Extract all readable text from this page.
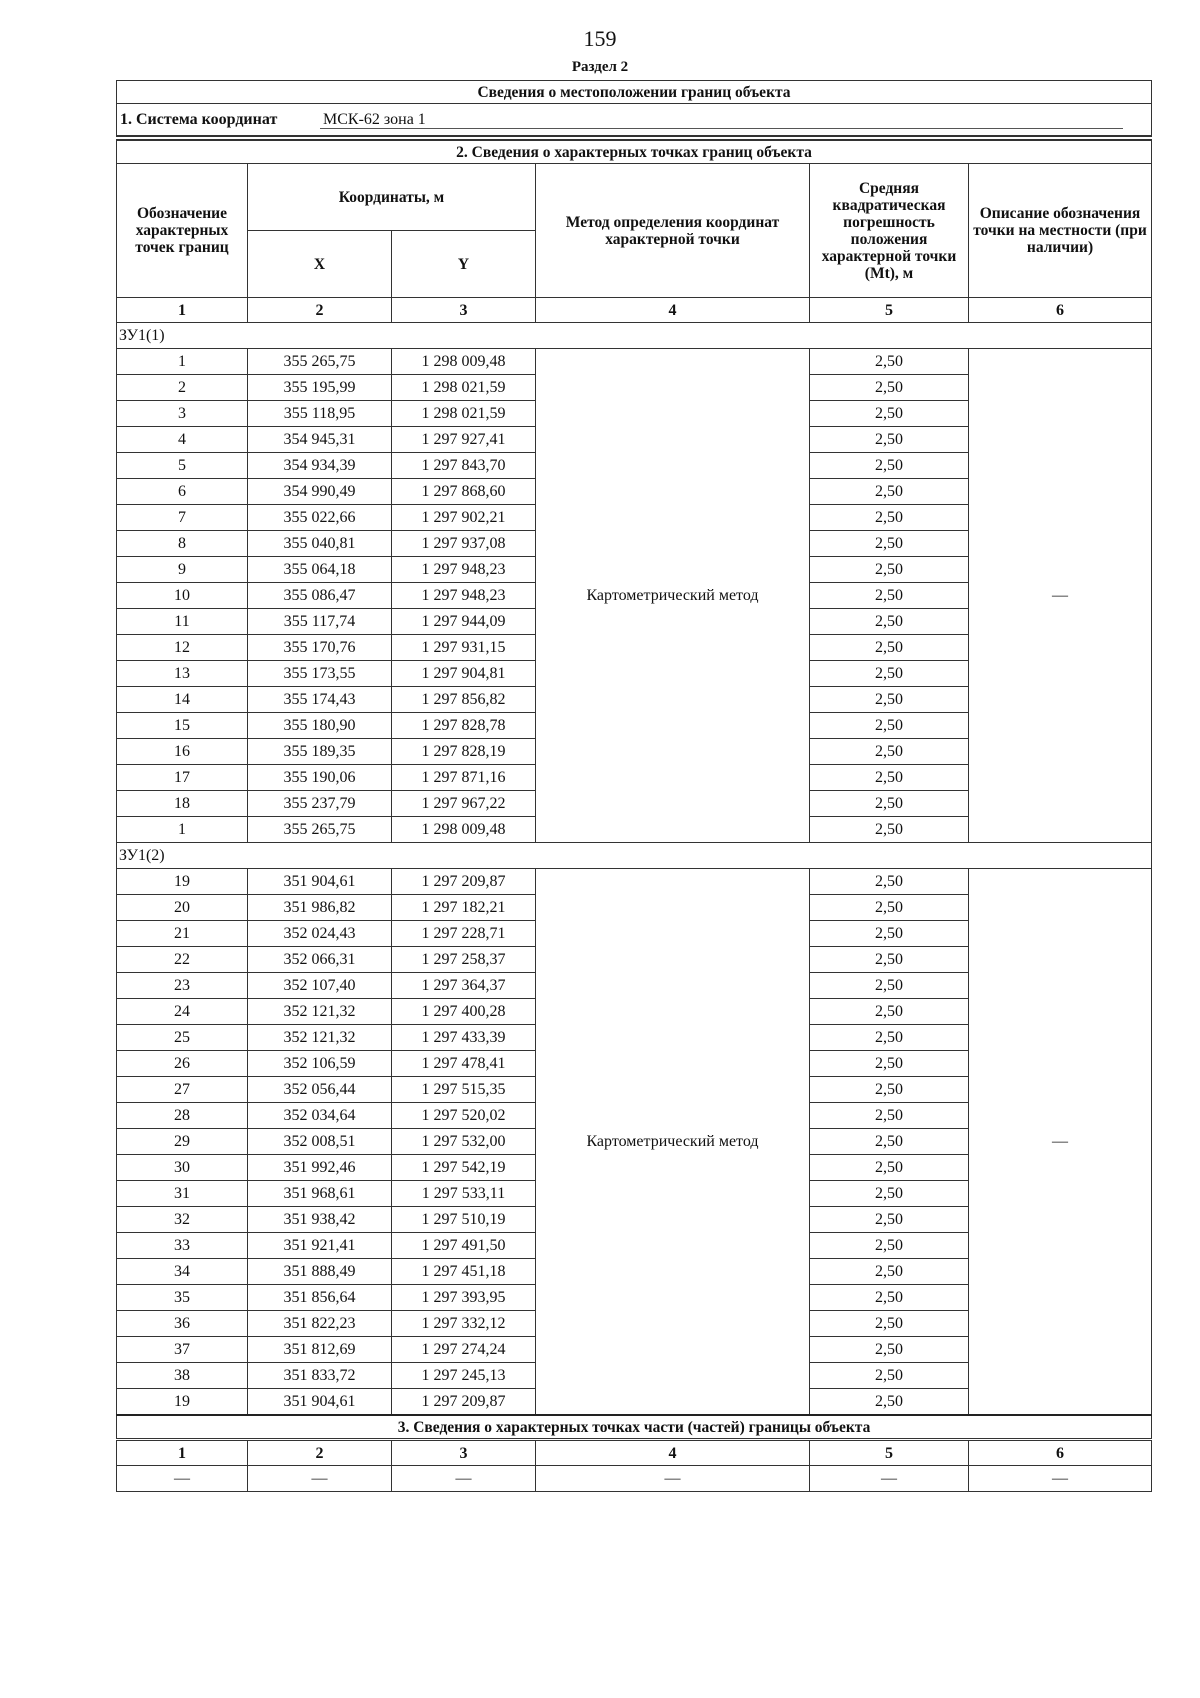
159
Раздел 2
Сведения о местоположении границ объекта					
1. Система координат МСК-62 зона 1					
2. Сведения о характерных точках границ объекта					
Обозначение характерных точек границ	Координаты, м		Метод определения координат характерной точки	Средняя квадратическая погрешность положения характерной точки (Mt), м	Описание обозначения точки на местности (при наличии)
	X	Y			
1	2	3	4	5	6
ЗУ1(1)					
1	355 265,75	1 298 009,48	Картометрический метод	2,50	—
2	355 195,99	1 298 021,59		2,50	
3	355 118,95	1 298 021,59		2,50	
4	354 945,31	1 297 927,41		2,50	
5	354 934,39	1 297 843,70		2,50	
6	354 990,49	1 297 868,60		2,50	
7	355 022,66	1 297 902,21		2,50	
8	355 040,81	1 297 937,08		2,50	
9	355 064,18	1 297 948,23		2,50	
10	355 086,47	1 297 948,23		2,50	
11	355 117,74	1 297 944,09		2,50	
12	355 170,76	1 297 931,15		2,50	
13	355 173,55	1 297 904,81		2,50	
14	355 174,43	1 297 856,82		2,50	
15	355 180,90	1 297 828,78		2,50	
16	355 189,35	1 297 828,19		2,50	
17	355 190,06	1 297 871,16		2,50	
18	355 237,79	1 297 967,22		2,50	
1	355 265,75	1 298 009,48		2,50	
ЗУ1(2)					
19	351 904,61	1 297 209,87	Картометрический метод	2,50	—
20	351 986,82	1 297 182,21		2,50	
21	352 024,43	1 297 228,71		2,50	
22	352 066,31	1 297 258,37		2,50	
23	352 107,40	1 297 364,37		2,50	
24	352 121,32	1 297 400,28		2,50	
25	352 121,32	1 297 433,39		2,50	
26	352 106,59	1 297 478,41		2,50	
27	352 056,44	1 297 515,35		2,50	
28	352 034,64	1 297 520,02		2,50	
29	352 008,51	1 297 532,00		2,50	
30	351 992,46	1 297 542,19		2,50	
31	351 968,61	1 297 533,11		2,50	
32	351 938,42	1 297 510,19		2,50	
33	351 921,41	1 297 491,50		2,50	
34	351 888,49	1 297 451,18		2,50	
35	351 856,64	1 297 393,95		2,50	
36	351 822,23	1 297 332,12		2,50	
37	351 812,69	1 297 274,24		2,50	
38	351 833,72	1 297 245,13		2,50	
19	351 904,61	1 297 209,87		2,50	
3. Сведения о характерных точках части (частей) границы объекта					
1	2	3	4	5	6
—	—	—	—	—	—
